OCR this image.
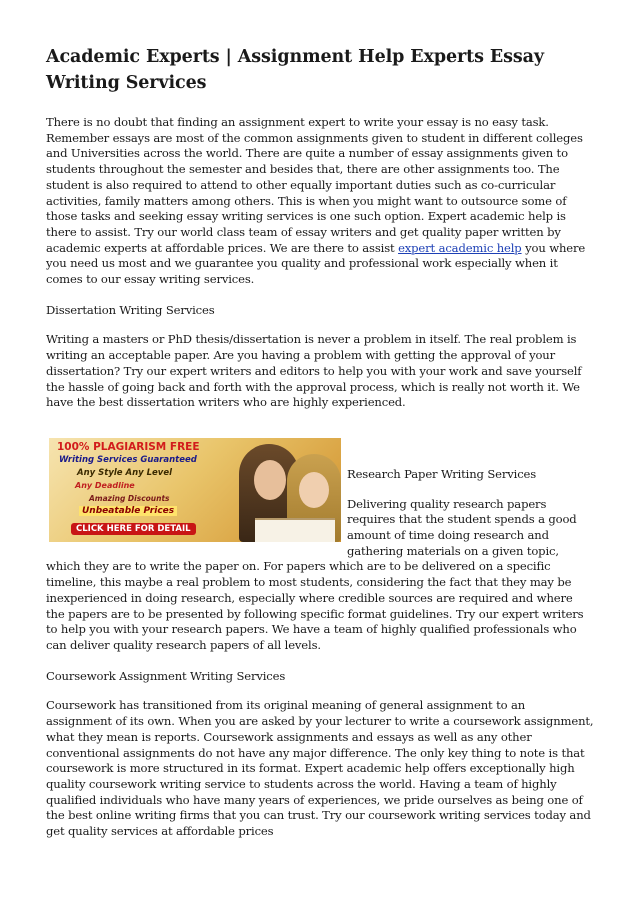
Academic Experts | Assignment Help Experts Essay Writing Services

There is no doubt that finding an assignment expert to write your essay is no easy task. Remember essays are most of the common assignments given to student in different colleges and Universities across the world. There are quite a number of essay assignments given to students throughout the semester and besides that, there are other assignments too. The student is also required to attend to other equally important duties such as co-curricular activities, family matters among others. This is when you might want to outsource some of those tasks and seeking essay writing services is one such option. Expert academic help is there to assist. Try our world class team of essay writers and get quality paper written by academic experts at affordable prices. We are there to assist expert academic help you where you need us most and we guarantee you quality and professional work especially when it comes to our essay writing services.

Dissertation Writing Services

Writing a masters or PhD thesis/dissertation is never a problem in itself. The real problem is writing an acceptable paper. Are you having a problem with getting the approval of your dissertation? Try our expert writers and editors to help you with your work and save yourself the hassle of going back and forth with the approval process, which is really not worth it. We have the best dissertation writers who are highly experienced.

100% PLAGIARISM FREE
Writing Services Guaranteed
Any Style Any Level
Any Deadline
Amazing Discounts
Unbeatable Prices
CLICK HERE FOR DETAIL

Research Paper Writing Services

Delivering quality research papers requires that the student spends a good amount of time doing research and gathering materials on a given topic, which they are to write the paper on. For papers which are to be delivered on a specific timeline, this maybe a real problem to most students, considering the fact that they may be inexperienced in doing research, especially where credible sources are required and where the papers are to be presented by following specific format guidelines. Try our expert writers to help you with your research papers. We have a team of highly qualified professionals who can deliver quality research papers of all levels.

Coursework Assignment Writing Services

Coursework has transitioned from its original meaning of general assignment to an assignment of its own. When you are asked by your lecturer to write a coursework assignment, what they mean is reports. Coursework assignments and essays as well as any other conventional assignments do not have any major difference. The only key thing to note is that coursework is more structured in its format. Expert academic help offers exceptionally high quality coursework writing service to students across the world. Having a team of highly qualified individuals who have many years of experiences, we pride ourselves as being one of the best online writing firms that you can trust. Try our coursework writing services today and get quality services at affordable prices
